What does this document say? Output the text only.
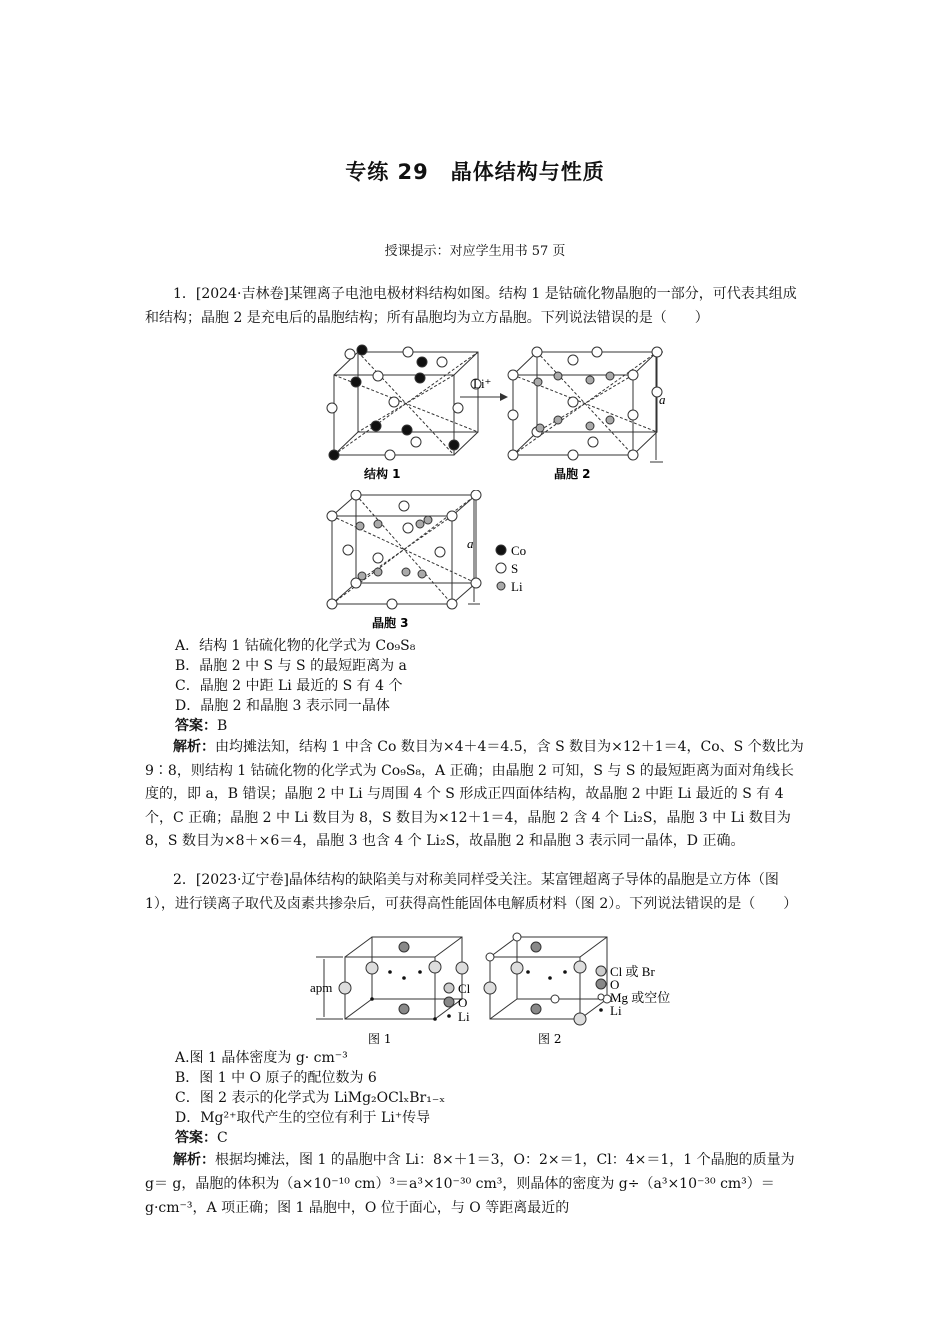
专练 29　晶体结构与性质
授课提示：对应学生用书 57 页
1．[2024·吉林卷]某锂离子电池电极材料结构如图。结构 1 是钴硫化物晶胞的一部分，可代表其组成和结构；晶胞 2 是充电后的晶胞结构；所有晶胞均为立方晶胞。下列说法错误的是（　　）
Li⁺
a
结构 1	晶胞 2
a	Co
S
Li
晶胞 3
A．结构 1 钴硫化物的化学式为 Co₉S₈
B．晶胞 2 中 S 与 S 的最短距离为 a
C．晶胞 2 中距 Li 最近的 S 有 4 个
D．晶胞 2 和晶胞 3 表示同一晶体
答案：B
解析：由均摊法知，结构 1 中含 Co 数目为×4＋4＝4.5，含 S 数目为×12＋1＝4，Co、S 个数比为 9∶8，则结构 1 钴硫化物的化学式为 Co₉S₈，A 正确；由晶胞 2 可知，S 与 S 的最短距离为面对角线长度的，即 a，B 错误；晶胞 2 中 Li 与周围 4 个 S 形成正四面体结构，故晶胞 2 中距 Li 最近的 S 有 4 个，C 正确；晶胞 2 中 Li 数目为 8，S 数目为×12＋1＝4，晶胞 2 含 4 个 Li₂S，晶胞 3 中 Li 数目为 8，S 数目为×8＋×6＝4，晶胞 3 也含 4 个 Li₂S，故晶胞 2 和晶胞 3 表示同一晶体，D 正确。
2．[2023·辽宁卷]晶体结构的缺陷美与对称美同样受关注。某富锂超离子导体的晶胞是立方体（图 1），进行镁离子取代及卤素共掺杂后，可获得高性能固体电解质材料（图 2）。下列说法错误的是（　　）
apm	Cl
O
Li
Cl 或 Br
O
Mg 或空位
Li
图 1	图 2
A.图 1 晶体密度为 g· cm⁻³
B．图 1 中 O 原子的配位数为 6
C．图 2 表示的化学式为 LiMg₂OClₓBr₁₋ₓ
D．Mg²⁺取代产生的空位有利于 Li⁺传导
答案：C
解析：根据均摊法，图 1 的晶胞中含 Li：8×＋1＝3，O：2×＝1，Cl：4×＝1，1 个晶胞的质量为 g＝ g，晶胞的体积为（a×10⁻¹⁰ cm）³＝a³×10⁻³⁰ cm³，则晶体的密度为 g÷（a³×10⁻³⁰ cm³）＝ g·cm⁻³，A 项正确；图 1 晶胞中，O 位于面心，与 O 等距离最近的
